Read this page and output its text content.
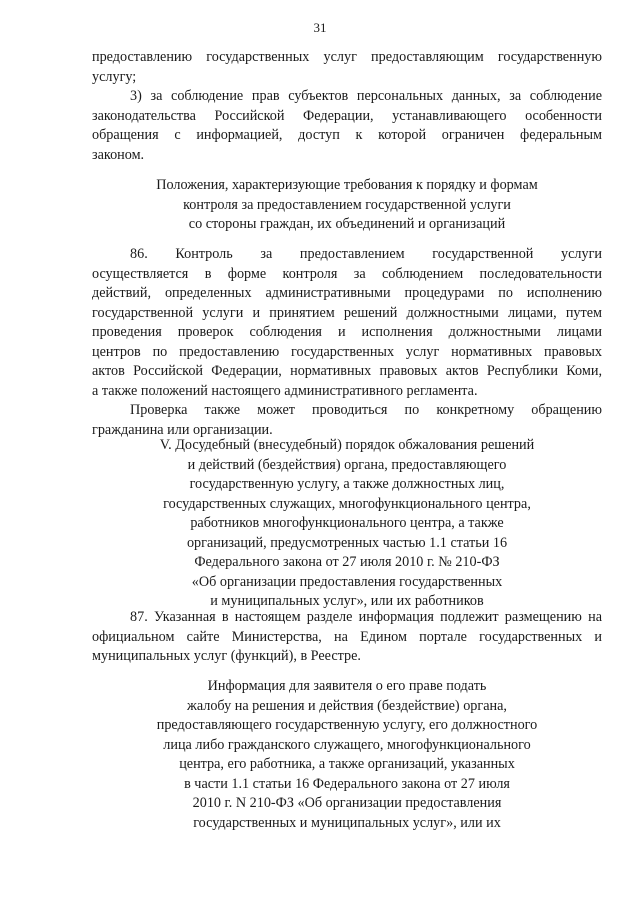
31
предоставлению государственных услуг предоставляющим государственную
услугу;
3) за соблюдение прав субъектов персональных данных, за соблюдение
законодательства Российской Федерации, устанавливающего особенности
обращения с информацией, доступ к которой ограничен федеральным
законом.
Положения, характеризующие требования к порядку и формам
контроля за предоставлением государственной услуги
со стороны граждан, их объединений и организаций
86. Контроль за предоставлением государственной услуги
осуществляется в форме контроля за соблюдением последовательности
действий, определенных административными процедурами по исполнению
государственной услуги и принятием решений должностными лицами, путем
проведения проверок соблюдения и исполнения должностными лицами
центров по предоставлению государственных услуг нормативных правовых
актов Российской Федерации, нормативных правовых актов Республики Коми,
а также положений настоящего административного регламента.
Проверка также может проводиться по конкретному обращению
гражданина или организации.
V. Досудебный (внесудебный) порядок обжалования решений
и действий (бездействия) органа, предоставляющего
государственную услугу, а также должностных лиц,
государственных служащих, многофункционального центра,
работников многофункционального центра, а также
организаций, предусмотренных частью 1.1 статьи 16
Федерального закона от 27 июля 2010 г. № 210-ФЗ
«Об организации предоставления государственных
и муниципальных услуг», или их работников
87. Указанная в настоящем разделе информация подлежит размещению на
официальном сайте Министерства, на Едином портале государственных и
муниципальных услуг (функций), в Реестре.
Информация для заявителя о его праве подать
жалобу на решения и действия (бездействие) органа,
предоставляющего государственную услугу, его должностного
лица либо гражданского служащего, многофункционального
центра, его работника, а также организаций, указанных
в части 1.1 статьи 16 Федерального закона от 27 июля
2010 г. N 210-ФЗ «Об организации предоставления
государственных и муниципальных услуг», или их
